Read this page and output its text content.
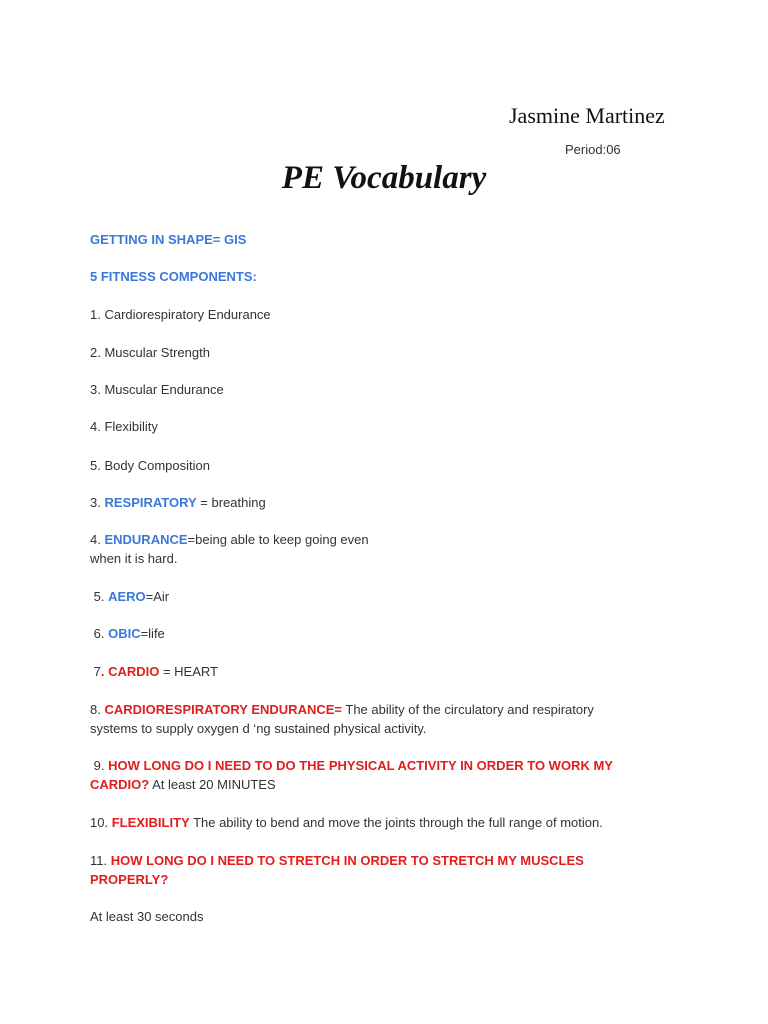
Jasmine Martinez
Period:06
PE Vocabulary
GETTING IN SHAPE= GIS
5 FITNESS COMPONENTS:
1. Cardiorespiratory Endurance
2. Muscular Strength
3. Muscular Endurance
4. Flexibility
5. Body Composition
3. RESPIRATORY = breathing
4. ENDURANCE=being able to keep going even
when it is hard.
5. AERO=Air
6. OBIC=life
7. CARDIO = HEART
8. CARDIORESPIRATORY ENDURANCE= The ability of the circulatory and respiratory
systems to supply oxygen d ‘ng sustained physical activity.
9. HOW LONG DO I NEED TO DO THE PHYSICAL ACTIVITY IN ORDER TO WORK MY
CARDIO? At least 20 MINUTES
10. FLEXIBILITY The ability to bend and move the joints through the full range of motion.
11. HOW LONG DO I NEED TO STRETCH IN ORDER TO STRETCH MY MUSCLES
PROPERLY?
At least 30 seconds
